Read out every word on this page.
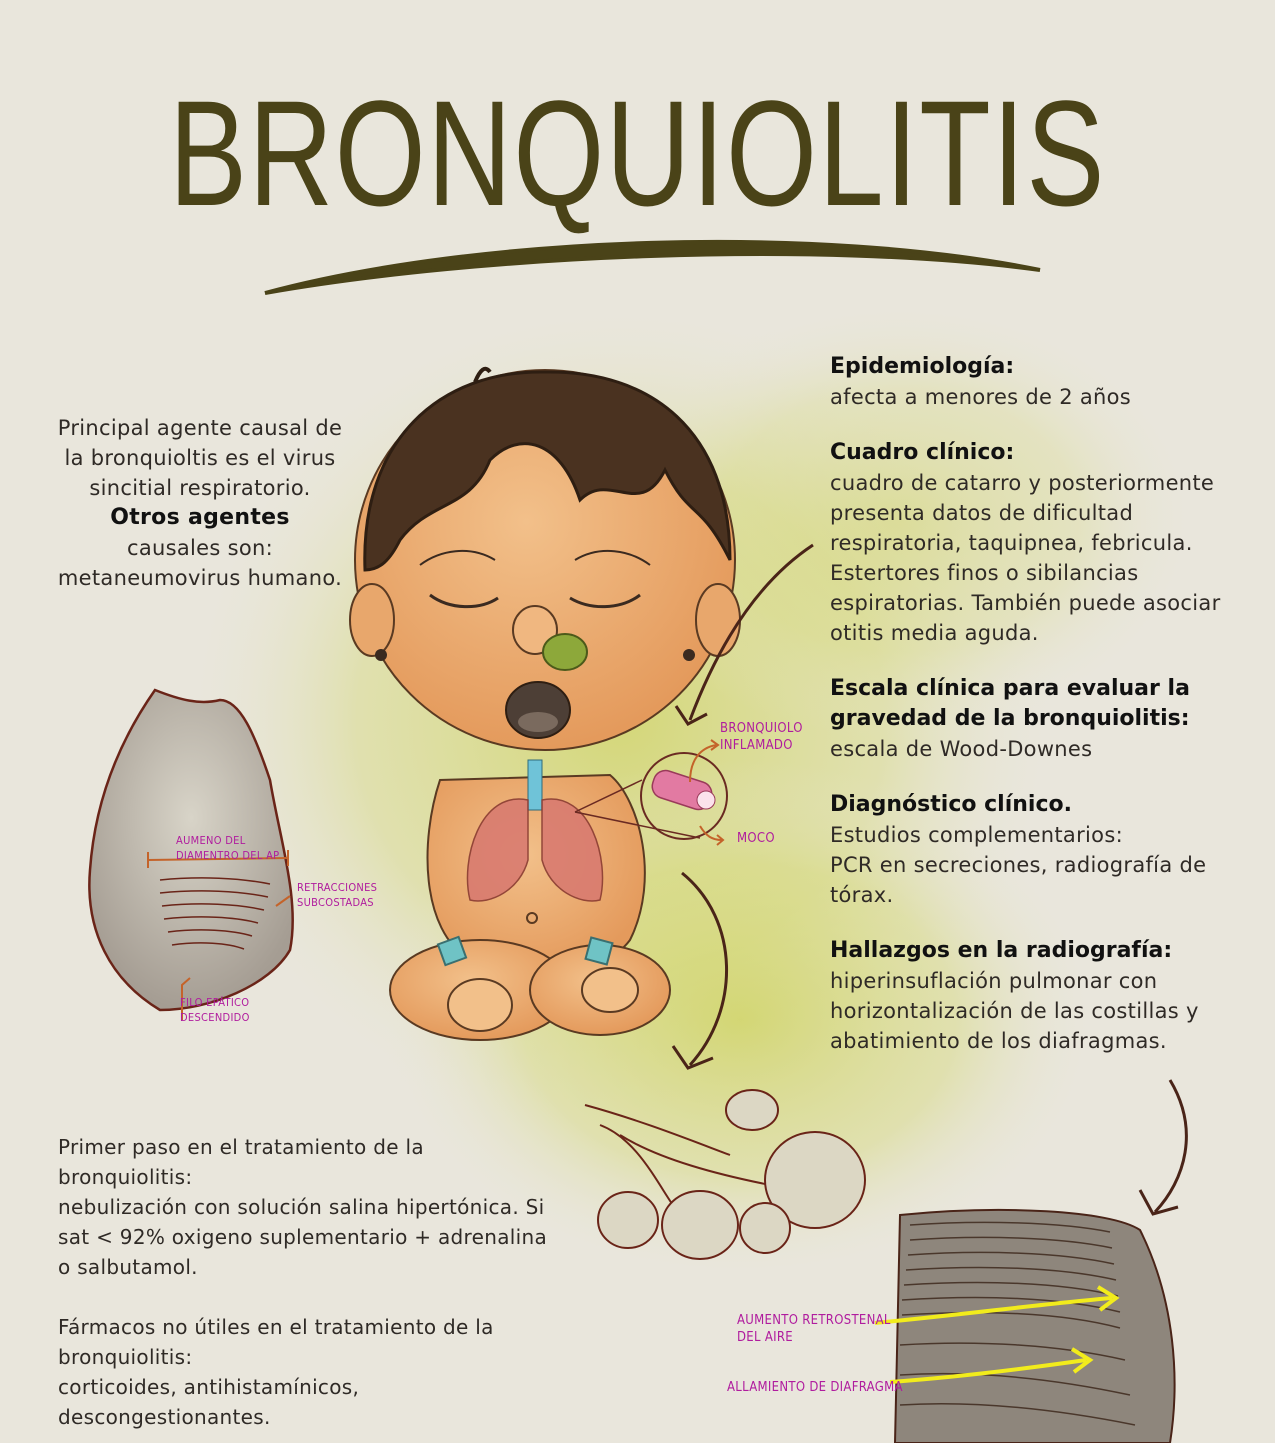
BRONQUIOLITIS
Principal agente causal de
la bronquioltis es el virus
sincitial respiratorio.
Otros agentes
causales son:
metaneumovirus humano.
Epidemiología:
afecta a menores de 2 años
Cuadro clínico:
cuadro de catarro y posteriormente
presenta datos de dificultad
respiratoria, taquipnea, febricula.
Estertores finos o sibilancias
espiratorias. También puede asociar
otitis media aguda.
Escala clínica para evaluar la
gravedad de la bronquiolitis:
escala de Wood-Downes
Diagnóstico clínico.
Estudios complementarios:
PCR en secreciones, radiografía de
tórax.
Hallazgos en la radiografía:
hiperinsuflación pulmonar con
horizontalización de las costillas y
abatimiento de los diafragmas.
Primer paso en el tratamiento de la
bronquiolitis:
nebulización con solución salina hipertónica. Si
sat < 92% oxigeno suplementario + adrenalina
o salbutamol.
Fármacos no útiles en el tratamiento de la
bronquiolitis:
corticoides, antihistamínicos,
descongestionantes.
BRONQUIOLO
INFLAMADO
MOCO
AUMENO DEL
DIAMENTRO DEL AP
RETRACCIONES
SUBCOSTADAS
FILO EPÁTICO
DESCENDIDO
AUMENTO RETROSTENAL
DEL AIRE
ALLAMIENTO DE DIAFRAGMA
